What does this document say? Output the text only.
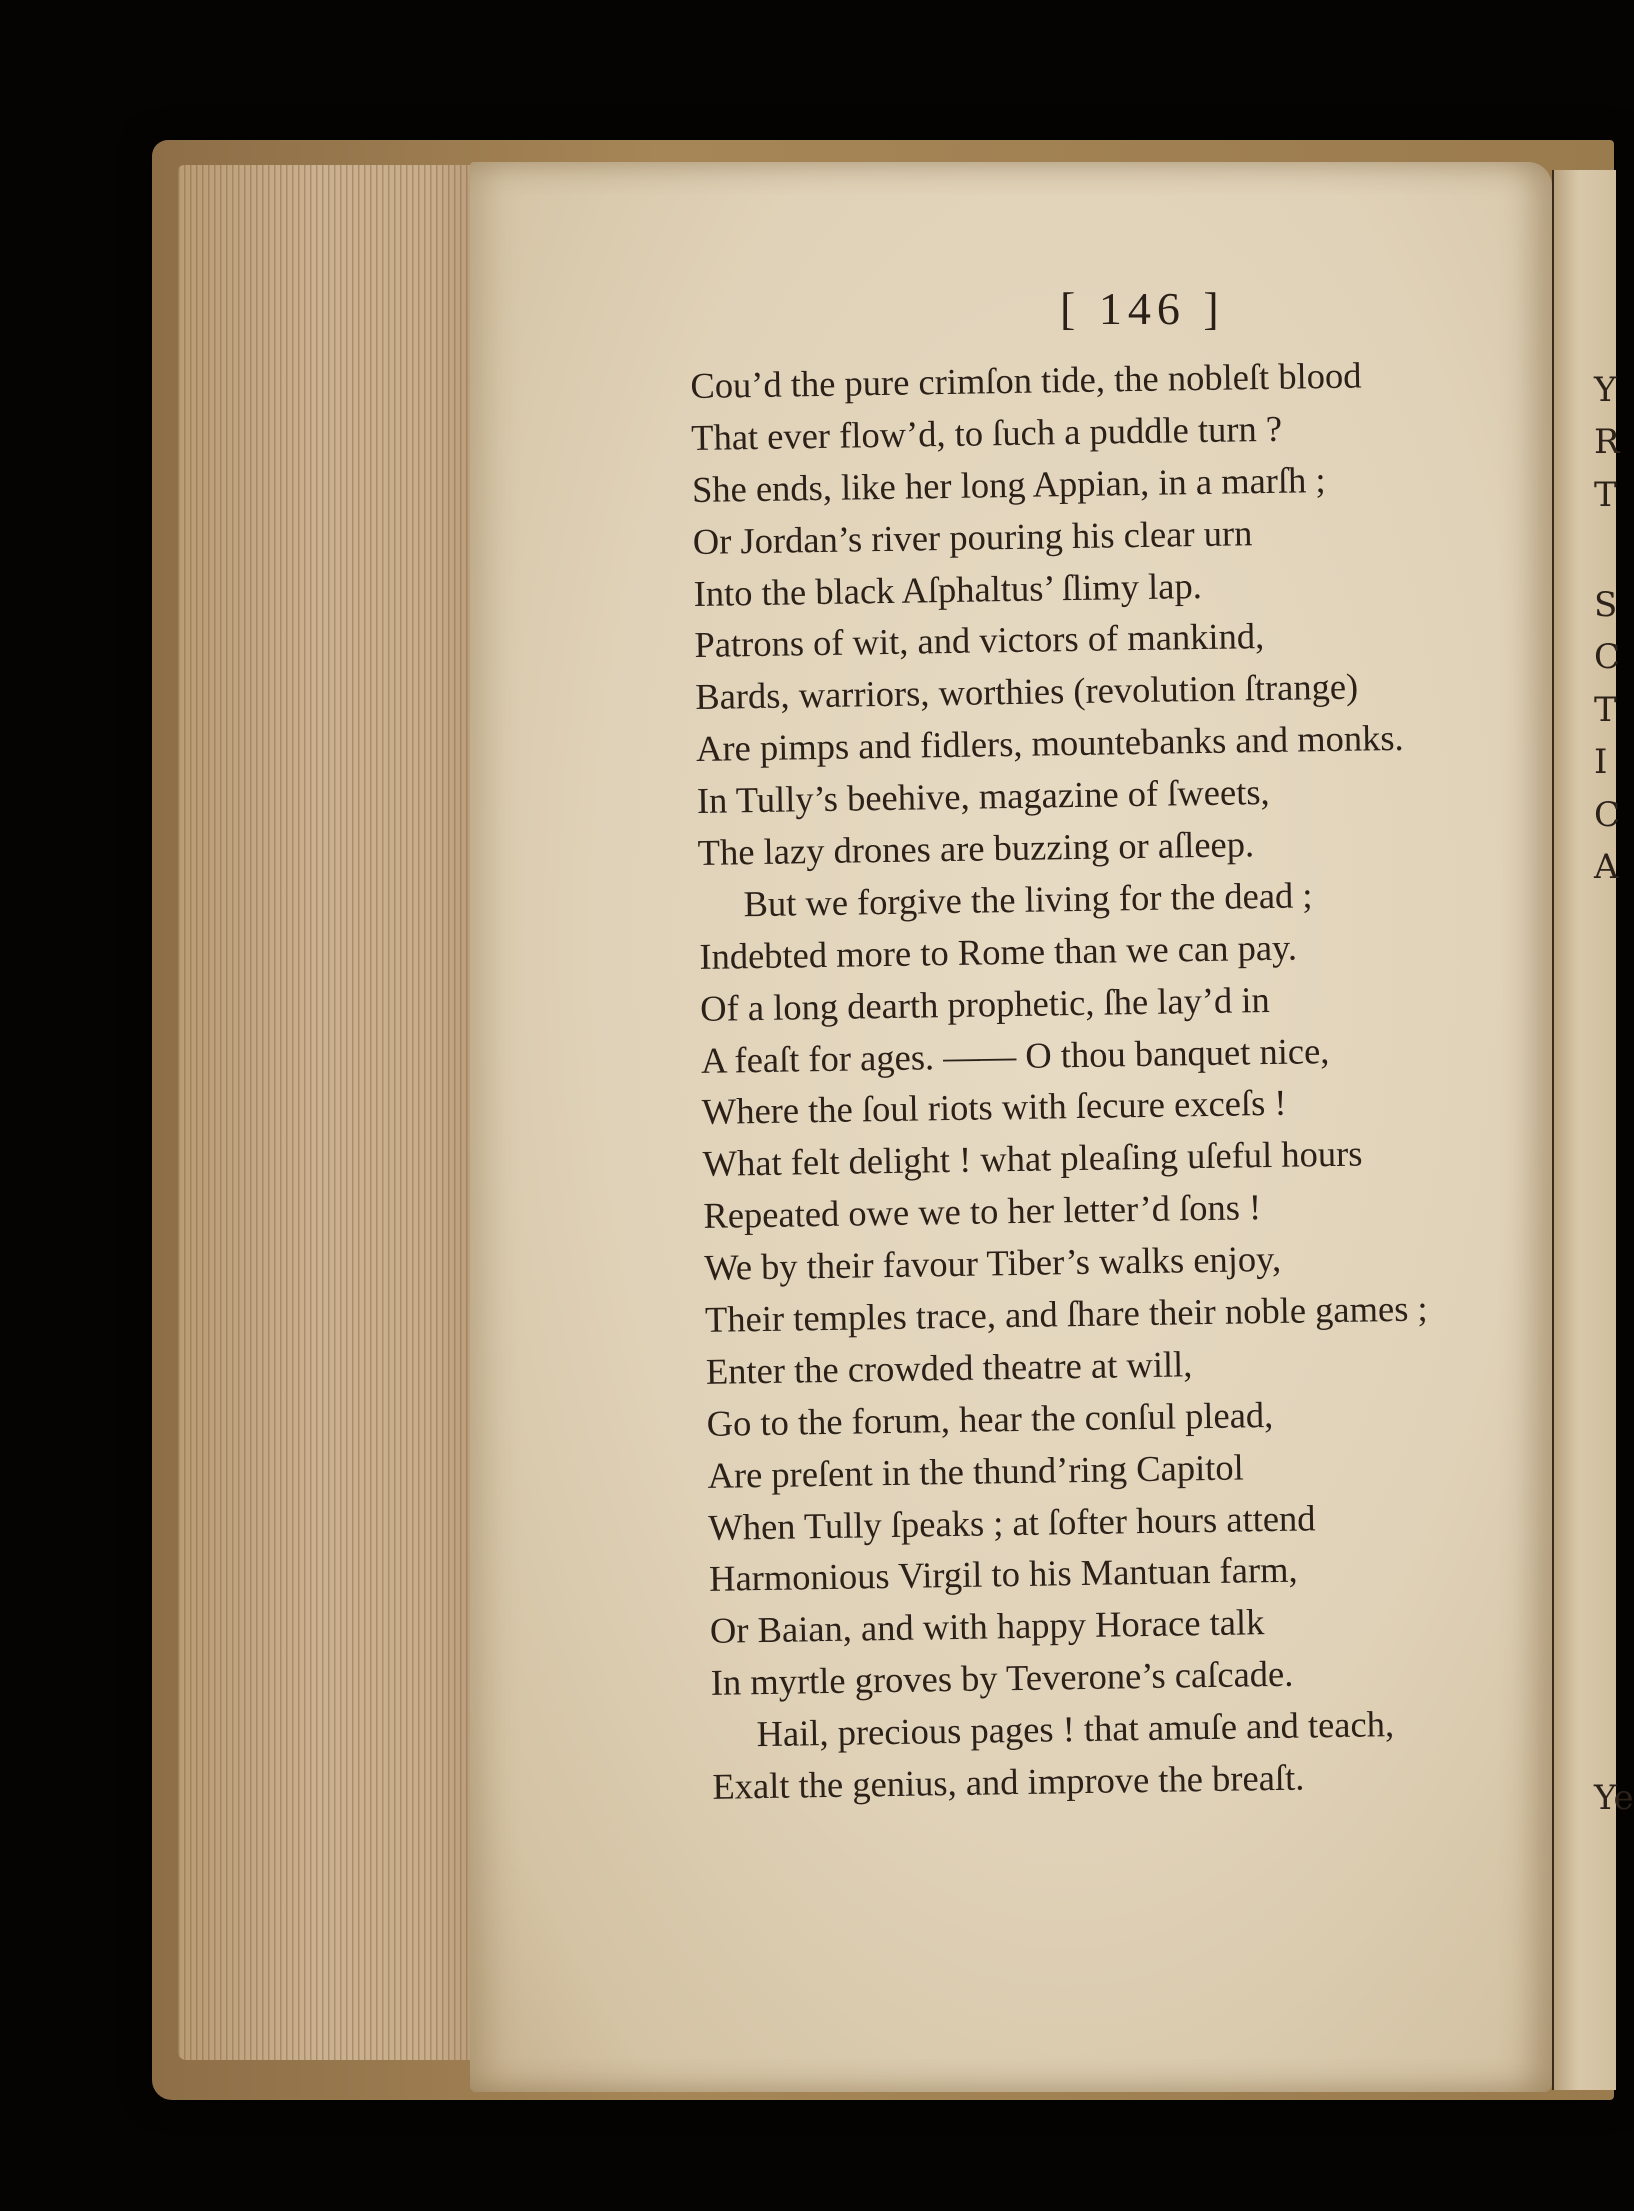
Y
R
T
S
C
T
I
C
A
Ye
[ 146 ]
Cou’d the pure crimſon tide, the nobleſt blood
That ever flow’d, to ſuch a puddle turn ?
She ends, like her long Appian, in a marſh ;
Or Jordan’s river pouring his clear urn
Into the black Aſphaltus’ ſlimy lap.
Patrons of wit, and victors of mankind,
Bards, warriors, worthies (revolution ſtrange)
Are pimps and fidlers, mountebanks and monks.
In Tully’s beehive, magazine of ſweets,
The lazy drones are buzzing or aſleep.
But we forgive the living for the dead ;
Indebted more to Rome than we can pay.
Of a long dearth prophetic, ſhe lay’d in
A feaſt for ages. —— O thou banquet nice,
Where the ſoul riots with ſecure exceſs !
What felt delight ! what pleaſing uſeful hours
Repeated owe we to her letter’d ſons !
We by their favour Tiber’s walks enjoy,
Their temples trace, and ſhare their noble games ;
Enter the crowded theatre at will,
Go to the forum, hear the conſul plead,
Are preſent in the thund’ring Capitol
When Tully ſpeaks ; at ſofter hours attend
Harmonious Virgil to his Mantuan farm,
Or Baian, and with happy Horace talk
In myrtle groves by Teverone’s caſcade.
Hail, precious pages ! that amuſe and teach,
Exalt the genius, and improve the breaſt.
